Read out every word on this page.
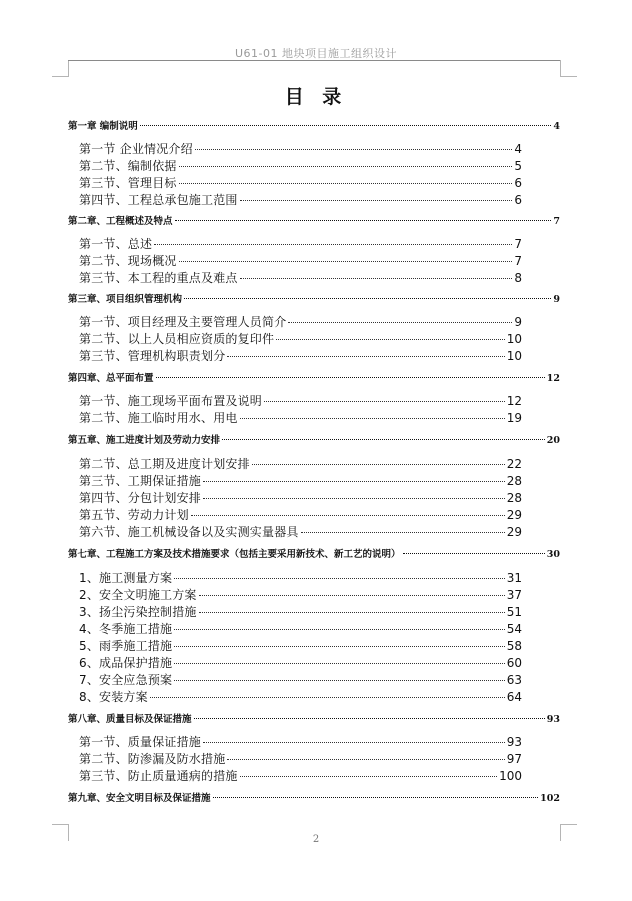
U61-01 地块项目施工组织设计
目 录
第一章 编制说明	4
第一节 企业情况介绍	4
第二节、编制依据	5
第三节、管理目标	6
第四节、工程总承包施工范围	6
第二章、工程概述及特点	7
第一节、总述	7
第二节、现场概况	7
第三节、本工程的重点及难点	8
第三章、项目组织管理机构	9
第一节、项目经理及主要管理人员简介	9
第二节、以上人员相应资质的复印件	10
第三节、管理机构职责划分	10
第四章、总平面布置	12
第一节、施工现场平面布置及说明	12
第二节、施工临时用水、用电	19
第五章、施工进度计划及劳动力安排	20
第二节、总工期及进度计划安排	22
第三节、工期保证措施	28
第四节、分包计划安排	28
第五节、劳动力计划	29
第六节、施工机械设备以及实测实量器具	29
第七章、工程施工方案及技术措施要求（包括主要采用新技术、新工艺的说明）	30
1、施工测量方案	31
2、安全文明施工方案	37
3、扬尘污染控制措施	51
4、冬季施工措施	54
5、雨季施工措施	58
6、成品保护措施	60
7、安全应急预案	63
8、安装方案	64
第八章、质量目标及保证措施	93
第一节、质量保证措施	93
第二节、防渗漏及防水措施	97
第三节、防止质量通病的措施	100
第九章、安全文明目标及保证措施	102
2
